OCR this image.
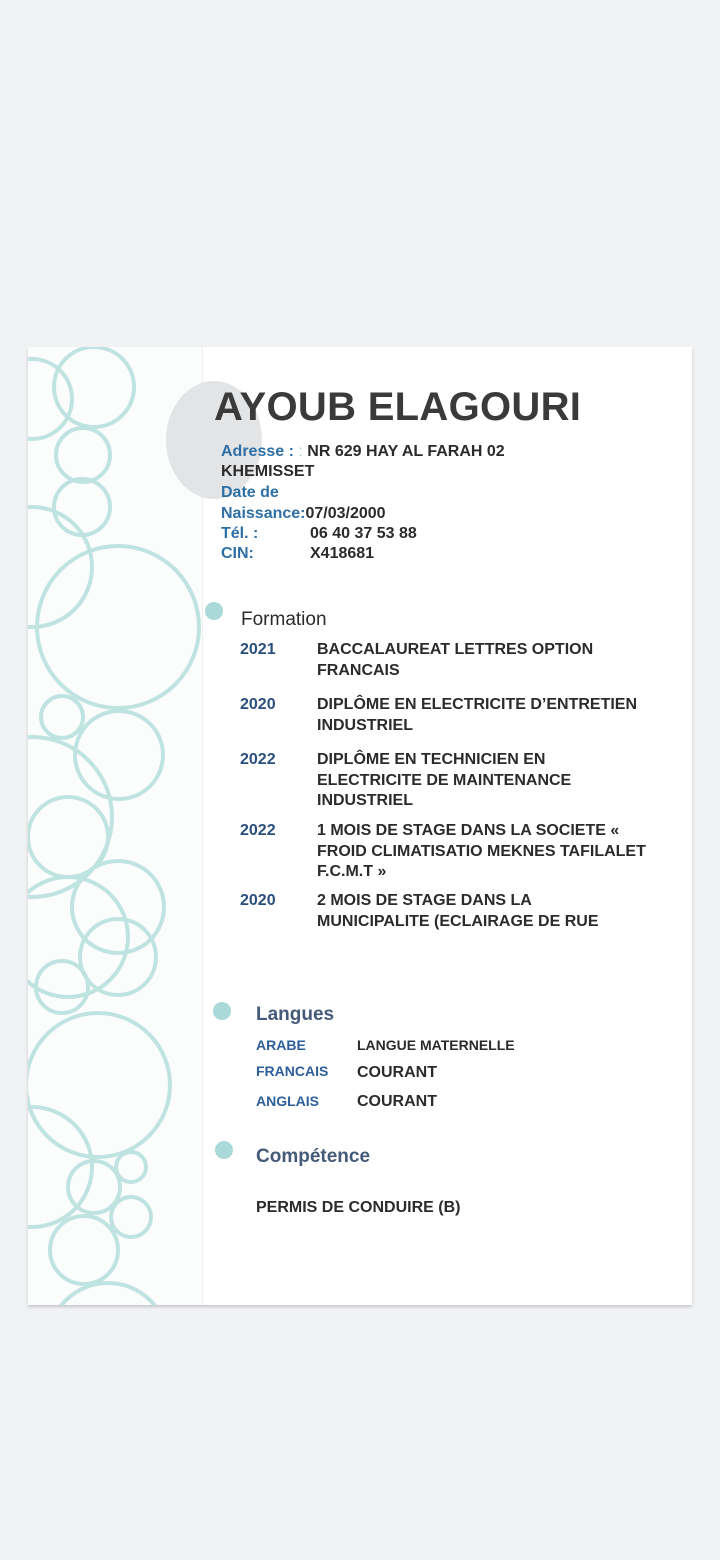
AYOUB ELAGOURI
Adresse : : NR 629 HAY AL FARAH 02
KHEMISSET
Date de
Naissance:07/03/2000
Tél. :	06 40 37 53 88
CIN:	X418681
Formation
2021	BACCALAUREAT LETTRES OPTION
FRANCAIS
2020	DIPLÔME EN ELECTRICITE D’ENTRETIEN
INDUSTRIEL
2022	DIPLÔME EN TECHNICIEN EN
ELECTRICITE DE MAINTENANCE
INDUSTRIEL
2022	1 MOIS DE STAGE DANS LA SOCIETE «
FROID CLIMATISATIO MEKNES TAFILALET
F.C.M.T »
2020	2 MOIS DE STAGE DANS LA
MUNICIPALITE (ECLAIRAGE DE RUE
Langues
ARABE	LANGUE MATERNELLE
FRANCAIS COURANT
ANGLAIS COURANT
Compétence
PERMIS DE CONDUIRE (B)
